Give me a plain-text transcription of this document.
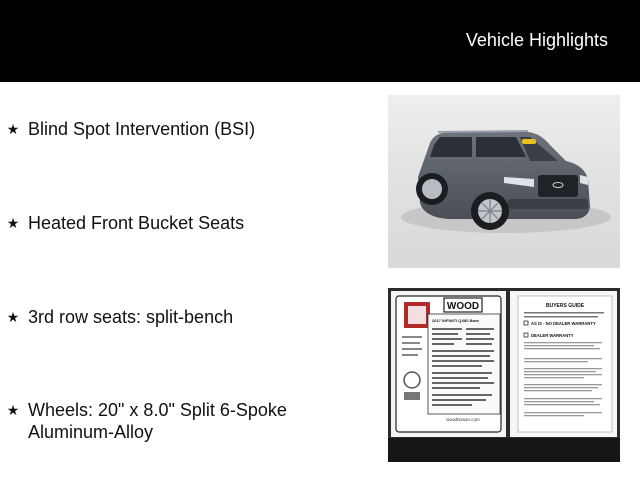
Vehicle Highlights
★ Blind Spot Intervention (BSI)
★ Heated Front Bucket Seats
★ 3rd row seats: split-bench
★ Wheels: 20" x 8.0" Split 6-Spoke
Aluminum-Alloy
WOOD
2017 INFINITI QX80 Base
woodnissan.com
BUYERS GUIDE
AS IS - NO DEALER WARRANTY
DEALER WARRANTY
